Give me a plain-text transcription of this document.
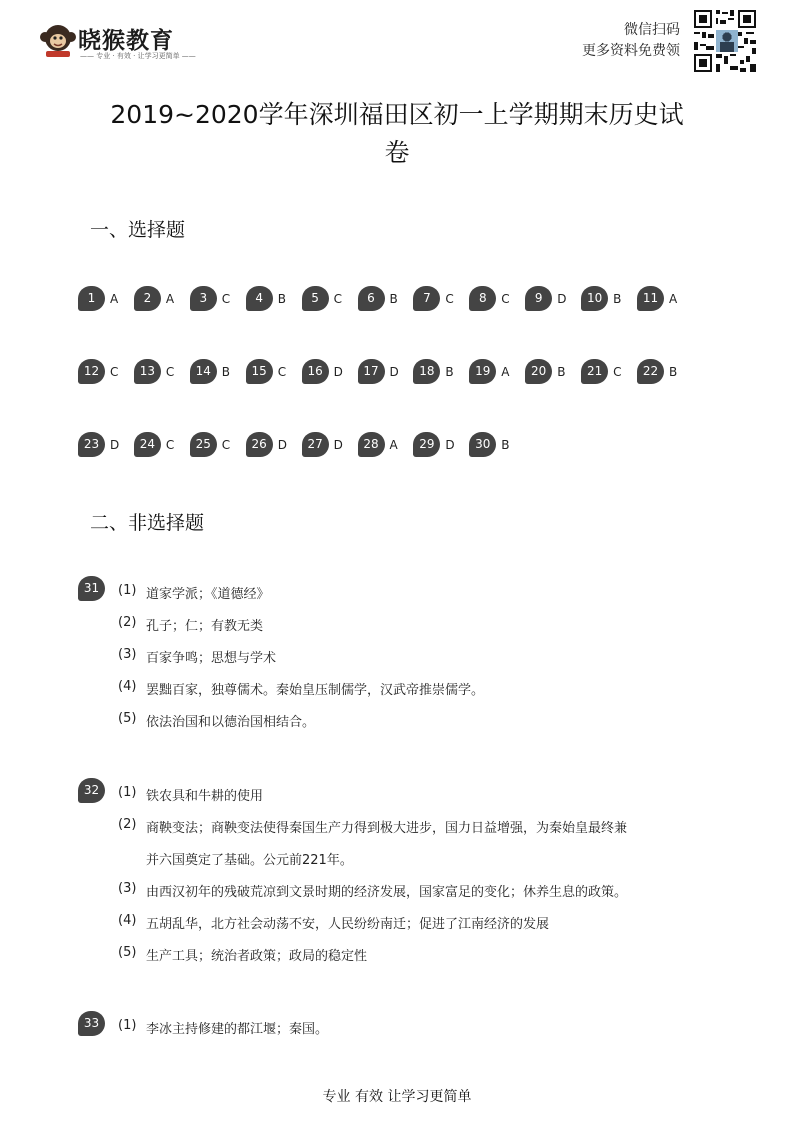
晓猴教育
—— 专业 · 有效 · 让学习更简单 ——
微信扫码
更多资料免费领
2019~2020学年深圳福田区初一上学期期末历史试
卷
一、选择题
1	A	2	A	3	C	4	B	5	C	6	B	7	C	8	C	9	D	10 B	11 A
12 C	13 C	14 B	15 C	16 D	17 D	18 B	19 A	20 B	21 C	22 B
23 D	24 C	25 C	26 D	27 D	28 A	29 D	30 B
二、非选择题
31	(1) 道家学派；《道德经》
(2) 孔子；仁；有教无类
(3) 百家争鸣；思想与学术
(4) 罢黜百家，独尊儒术。秦始皇压制儒学，汉武帝推崇儒学。
(5) 依法治国和以德治国相结合。
32	(1) 铁农具和牛耕的使用
(2) 商鞅变法；商鞅变法使得秦国生产力得到极大进步，国力日益增强，为秦始皇最终兼
并六国奠定了基础。公元前221年。
(3) 由西汉初年的残破荒凉到文景时期的经济发展，国家富足的变化；休养生息的政策。
(4) 五胡乱华，北方社会动荡不安，人民纷纷南迁；促进了江南经济的发展
(5) 生产工具；统治者政策；政局的稳定性
33	(1) 李冰主持修建的都江堰；秦国。
专业 有效 让学习更简单
